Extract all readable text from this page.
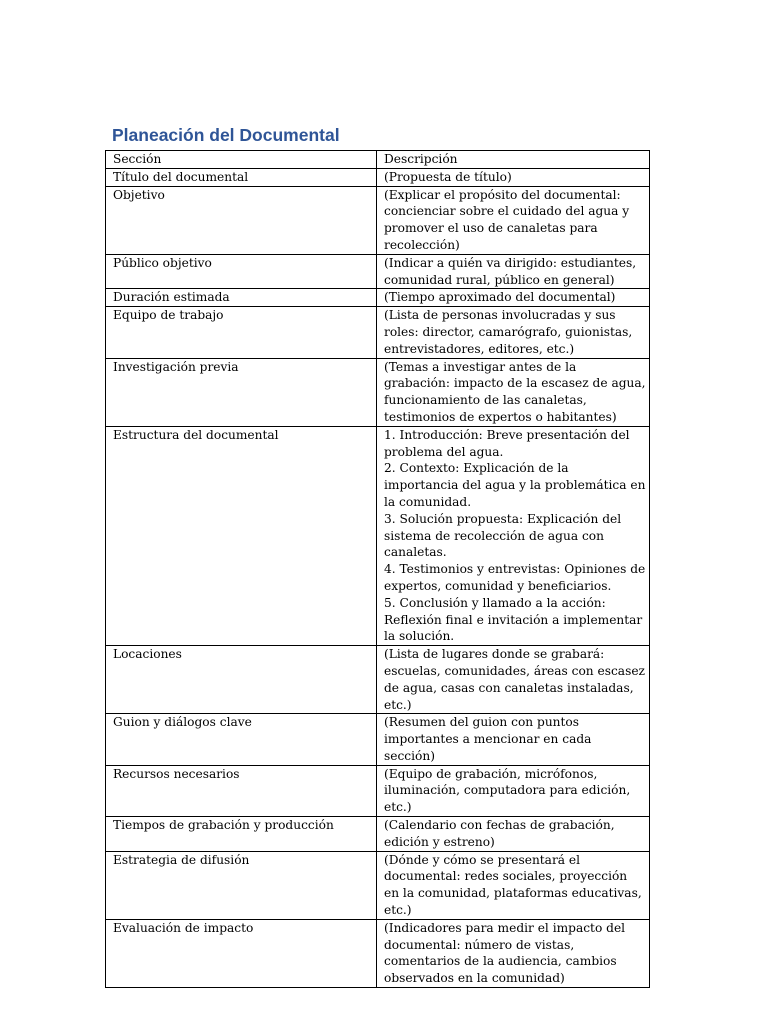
Planeación del Documental
Sección	Descripción
Título del documental	(Propuesta de título)
Objetivo	(Explicar el propósito del documental: concienciar sobre el cuidado del agua y promover el uso de canaletas para recolección)
Público objetivo	(Indicar a quién va dirigido: estudiantes, comunidad rural, público en general)
Duración estimada	(Tiempo aproximado del documental)
Equipo de trabajo	(Lista de personas involucradas y sus roles: director, camarógrafo, guionistas, entrevistadores, editores, etc.)
Investigación previa	(Temas a investigar antes de la grabación: impacto de la escasez de agua, funcionamiento de las canaletas, testimonios de expertos o habitantes)
Estructura del documental	1. Introducción: Breve presentación del problema del agua.
2. Contexto: Explicación de la importancia del agua y la problemática en la comunidad.
3. Solución propuesta: Explicación del sistema de recolección de agua con canaletas.
4. Testimonios y entrevistas: Opiniones de expertos, comunidad y beneficiarios.
5. Conclusión y llamado a la acción: Reflexión final e invitación a implementar la solución.
Locaciones	(Lista de lugares donde se grabará: escuelas, comunidades, áreas con escasez de agua, casas con canaletas instaladas, etc.)
Guion y diálogos clave	(Resumen del guion con puntos importantes a mencionar en cada sección)
Recursos necesarios	(Equipo de grabación, micrófonos, iluminación, computadora para edición, etc.)
Tiempos de grabación y producción	(Calendario con fechas de grabación, edición y estreno)
Estrategia de difusión	(Dónde y cómo se presentará el documental: redes sociales, proyección en la comunidad, plataformas educativas, etc.)
Evaluación de impacto	(Indicadores para medir el impacto del documental: número de vistas, comentarios de la audiencia, cambios observados en la comunidad)
